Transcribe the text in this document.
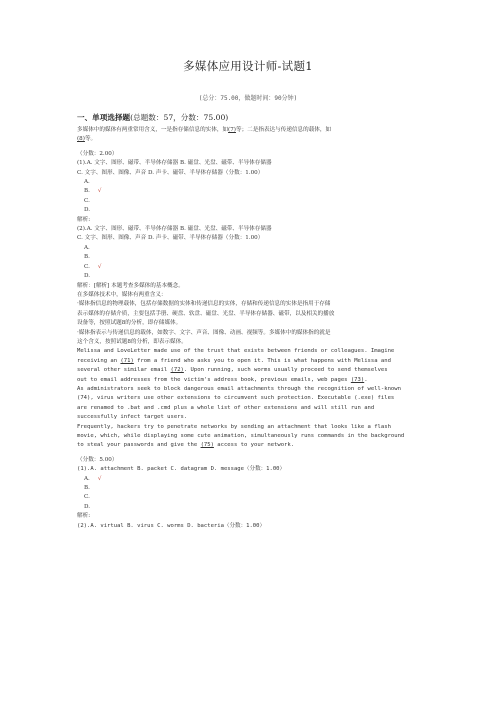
多媒体应用设计师-试题1
(总分：75.00，做题时间：90分钟)
一、单项选择题(总题数：57，分数：75.00)

多媒体中的媒体有两重常用含义，一是指存储信息的实体，如(7)等；二是指表达与传递信息的载体，如

(8)等。

（分数：2.00）

(1).A. 文字、图形、磁带、半导体存储器 B. 磁盘、光盘、磁带、半导体存储器

C. 文字、图形、图像、声音 D. 声卡、磁带、半导体存储器（分数：1.00）

A.

B. √

C.

D.

解析:

(2).A. 文字、图形、磁带、半导体存储器 B. 磁盘、光盘、磁带、半导体存储器

C. 文字、图形、图像、声音 D. 声卡、磁带、半导体存储器（分数：1.00）

A.

B.

C. √

D.

解析：[解析] 本题考查多媒体的基本概念。

在多媒体技术中，媒体有两重含义：

·媒体指信息的物理载体，包括存储数据的实体和传递信息的实体，存储和传递信息的实体是指用于存储

表示媒体的存储介质，主要包括手册、硬盘、软盘、磁盘、光盘、半导体存储器、磁带，以及相关的播放

设备等，按照试题8的分析，即存储媒体。

·媒体指表示与传递信息的载体，如数字、文字、声音、图像、动画、视频等。多媒体中的媒体指的就是

这个含义，按照试题8的分析，即表示媒体。

Melissa and LoveLetter made use of the trust that exists between friends or colleagues. Imagine

receiving an (71) from a friend who asks you to open it. This is what happens with Melissa and

several other similar email (72). Upon running, such worms usually proceed to send themselves

out to email addresses from the victim's address book, previous emails, web pages (73).

As administrators seek to block dangerous email attachments through the recognition of well-known

(74), virus writers use other extensions to circumvent such protection. Executable (.exe) files

are renamed to .bat and .cmd plus a whole list of other extensions and will still run and

successfully infect target users.

Frequently, hackers try to penetrate networks by sending an attachment that looks like a flash

movie, which, while displaying some cute animation, simultaneously runs commands in the background

to steal your passwords and give the (75) access to your network.

（分数：5.00）

(1).A. attachment B. packet C. datagram D. message（分数：1.00）

A. √

B.

C.

D.

解析:

(2).A. virtual B. virus C. worms D. bacteria（分数：1.00）
